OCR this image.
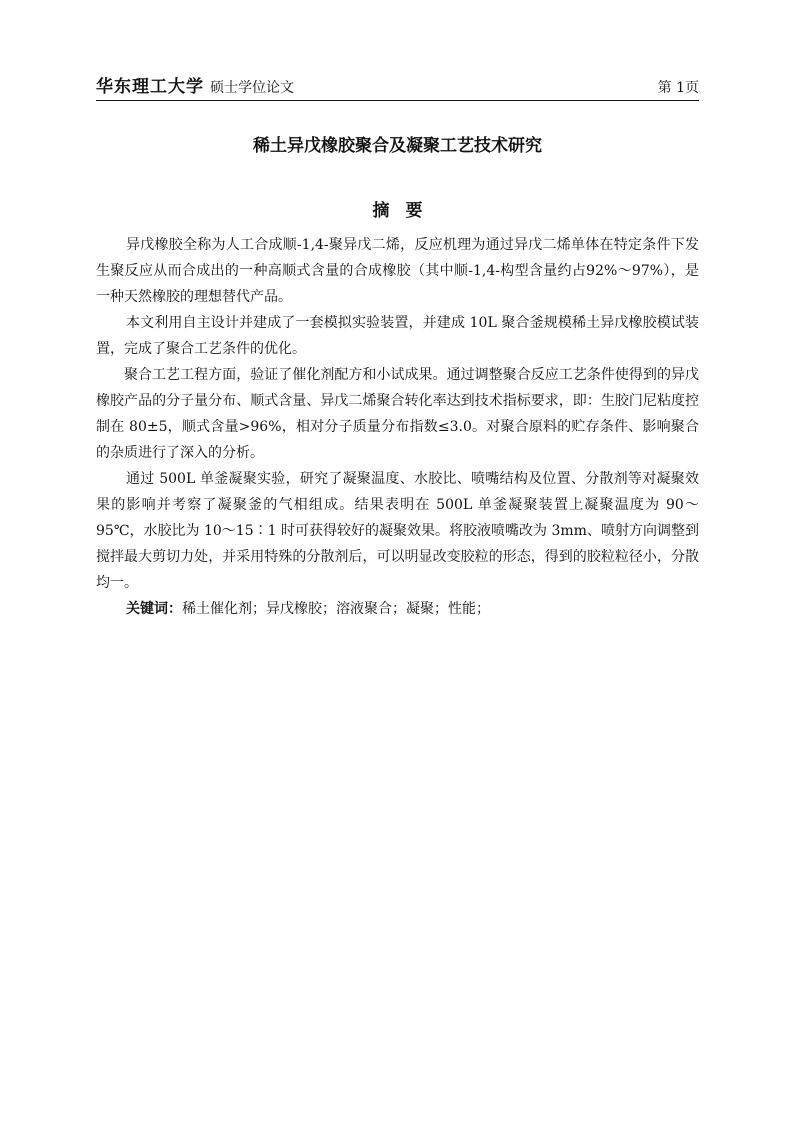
华东理工大学 硕士学位论文	第 1页
稀土异戊橡胶聚合及凝聚工艺技术研究
摘要

异戊橡胶全称为人工合成顺-1,4-聚异戊二烯，反应机理为通过异戊二烯单体在特定条件下发生聚反应从而合成出的一种高顺式含量的合成橡胶（其中顺-1,4-构型含量约占92%～97%），是一种天然橡胶的理想替代产品。

本文利用自主设计并建成了一套模拟实验装置，并建成 10L 聚合釜规模稀土异戊橡胶模试装置，完成了聚合工艺条件的优化。

聚合工艺工程方面，验证了催化剂配方和小试成果。通过调整聚合反应工艺条件使得到的异戊橡胶产品的分子量分布、顺式含量、异戊二烯聚合转化率达到技术指标要求，即：生胶门尼粘度控制在 80±5，顺式含量>96%，相对分子质量分布指数≤3.0。对聚合原料的贮存条件、影响聚合的杂质进行了深入的分析。

通过 500L 单釜凝聚实验，研究了凝聚温度、水胶比、喷嘴结构及位置、分散剂等对凝聚效果的影响并考察了凝聚釜的气相组成。结果表明在 500L 单釜凝聚装置上凝聚温度为 90～95℃，水胶比为 10～15∶1 时可获得较好的凝聚效果。将胶液喷嘴改为 3mm、喷射方向调整到搅拌最大剪切力处，并采用特殊的分散剂后，可以明显改变胶粒的形态，得到的胶粒粒径小，分散均一。

关键词：稀土催化剂；异戊橡胶；溶液聚合；凝聚；性能；
